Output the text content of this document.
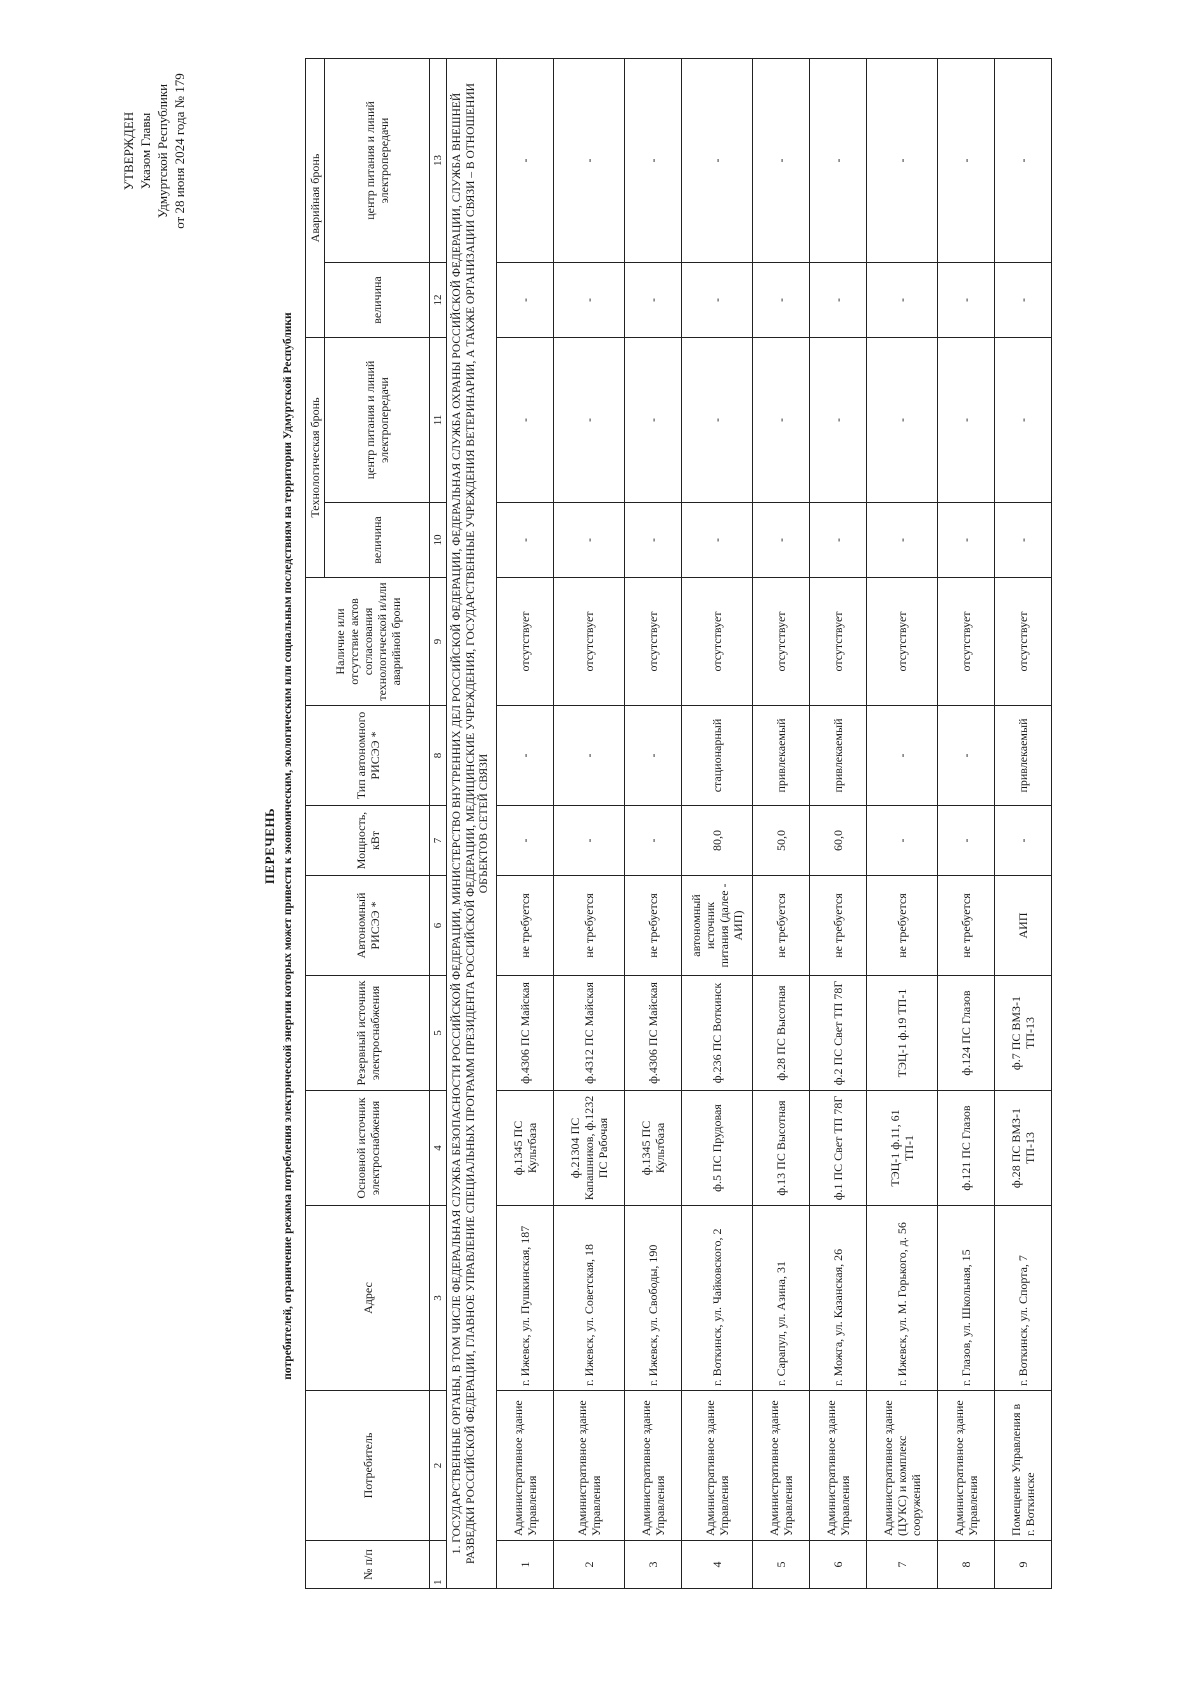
УТВЕРЖДЕН Указом Главы Удмуртской Республики от 28 июня 2024 года № 179
ПЕРЕЧЕНЬ потребителей, ограничение режима потребления электрической энергии которых может привести к экономическим, экологическим или социальным последствиям на территории Удмуртской Республики
№ п/п	Потребитель	Адрес	Основной источник электроснабжения	Резервный источник электроснабжения	Автономный РИСЭЭ *	Мощность, кВт	Тип автономного РИСЭЭ *	Наличие или отсутствие актов согласования технологической и/или аварийной брони	Технологическая бронь		Аварийная бронь	
									величина	центр питания и линий электропередачи	величина	центр питания и линий электропередачи
1	2	3	4	5	6	7	8	9	10	11	12	13
1. ГОСУДАРСТВЕННЫЕ ОРГАНЫ, В ТОМ ЧИСЛЕ ФЕДЕРАЛЬНАЯ СЛУЖБА БЕЗОПАСНОСТИ РОССИЙСКОЙ ФЕДЕРАЦИИ, МИНИСТЕРСТВО ВНУТРЕННИХ ДЕЛ РОССИЙСКОЙ ФЕДЕРАЦИИ, ФЕДЕРАЛЬНАЯ СЛУЖБА ОХРАНЫ РОССИЙСКОЙ ФЕДЕРАЦИИ, СЛУЖБА ВНЕШНЕЙ РАЗВЕДКИ РОССИЙСКОЙ ФЕДЕРАЦИИ, ГЛАВНОЕ УПРАВЛЕНИЕ СПЕЦИАЛЬНЫХ ПРОГРАММ ПРЕЗИДЕНТА РОССИЙСКОЙ ФЕДЕРАЦИИ, МЕДИЦИНСКИЕ УЧРЕЖДЕНИЯ, ГОСУДАРСТВЕННЫЕ УЧРЕЖДЕНИЯ ВЕТЕРИНАРИИ, А ТАКЖЕ ОРГАНИЗАЦИИ СВЯЗИ – В ОТНОШЕНИИ ОБЪЕКТОВ СЕТЕЙ СВЯЗИ												
1	Административное здание Управления	г. Ижевск, ул. Пушкинская, 187	ф.1345 ПС Культбаза	ф.4306 ПС Майская	не требуется	-	-	отсутствует	-	-	-	-
2	Административное здание Управления	г. Ижевск, ул. Советская, 18	ф.21304 ПС Капашников, ф.1232 ПС Рабочая	ф.4312 ПС Майская	не требуется	-	-	отсутствует	-	-	-	-
3	Административное здание Управления	г. Ижевск, ул. Свободы, 190	ф.1345 ПС Культбаза	ф.4306 ПС Майская	не требуется	-	-	отсутствует	-	-	-	-
4	Административное здание Управления	г. Воткинск, ул. Чайковского, 2	ф.5 ПС Прудовая	ф.236 ПС Воткинск	автономный источник питания (далее - АИП)	80,0	стационарный	отсутствует	-	-	-	-
5	Административное здание Управления	г. Сарапул, ул. Азина, 31	ф.13 ПС Высотная	ф.28 ПС Высотная	не требуется	50,0	привлекаемый	отсутствует	-	-	-	-
6	Административное здание Управления	г. Можга, ул. Казанская, 26	ф.1 ПС Свет ТП 78Г	ф.2 ПС Свет ТП 78Г	не требуется	60,0	привлекаемый	отсутствует	-	-	-	-
7	Административное здание (ЦУКС) и комплекс сооружений	г. Ижевск, ул. М. Горького, д. 56	ТЭЦ-1 ф.11, 61 ТП-1	ТЭЦ-1 ф.19 ТП-1	не требуется	-	-	отсутствует	-	-	-	-
8	Административное здание Управления	г. Глазов, ул. Школьная, 15	ф.121 ПС Глазов	ф.124 ПС Глазов	не требуется	-	-	отсутствует	-	-	-	-
9	Помещение Управления в г. Воткинске	г. Воткинск, ул. Спорта, 7	ф.28 ПС ВМЗ-1 ТП-13	ф.7 ПС ВМЗ-1 ТП-13	АИП	-	привлекаемый	отсутствует	-	-	-	-
